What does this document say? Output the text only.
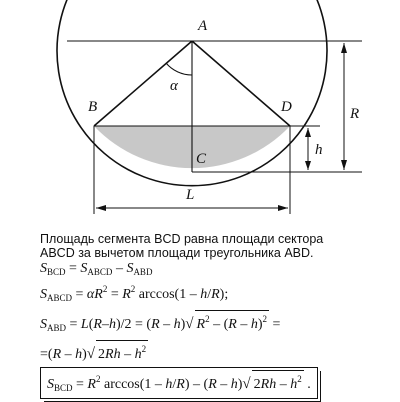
A
α
B	D
C
R
h
L
Площадь сегмента BCD равна площади сектора
ABCD за вычетом площади треугольника ABD.
$S_{BCD} = S_{ABCD} - S_{ABD}$
$S_{ABCD} = \alpha R^2 = R^2$ arccos(1 – h/R);
$S_{ABD} = L(R-h)/2 = (R - h)√$ $R^2 - (R - h)^2$ =
=(R – h)√ $2Rh - h^2$
$S_{BCD} = R^2$ arccos(1 – h/R) – (R – h)√ $2Rh - h^2$ .
